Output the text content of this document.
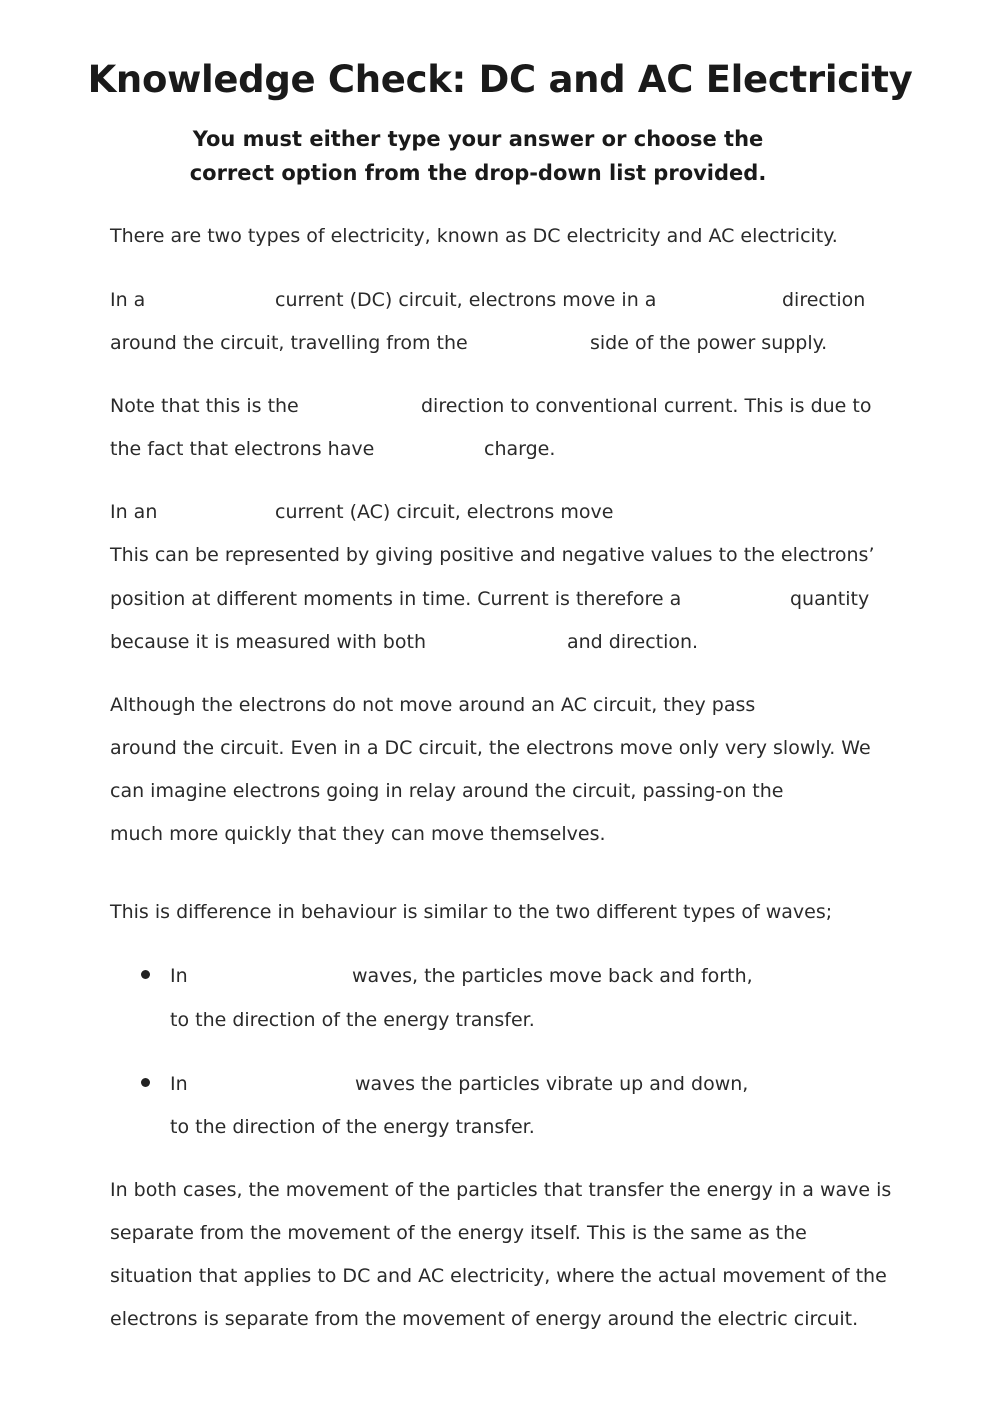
Knowledge Check: DC and AC Electricity
You must either type your answer or choose the
correct option from the drop-down list provided.
There are two types of electricity, known as DC electricity and AC electricity.
In a	current (DC) circuit, electrons move in a	direction
around the circuit, travelling from the	side of the power supply.
Note that this is the	direction to conventional current. This is due to
the fact that electrons have	charge.
In an	current (AC) circuit, electrons move
This can be represented by giving positive and negative values to the electrons’
position at different moments in time. Current is therefore a	quantity
because it is measured with both	and direction.
Although the electrons do not move around an AC circuit, they pass
around the circuit. Even in a DC circuit, the electrons move only very slowly. We
can imagine electrons going in relay around the circuit, passing-on the
much more quickly that they can move themselves.
This is difference in behaviour is similar to the two different types of waves;
In	waves, the particles move back and forth,
to the direction of the energy transfer.
In	waves the particles vibrate up and down,
to the direction of the energy transfer.
In both cases, the movement of the particles that transfer the energy in a wave is
separate from the movement of the energy itself. This is the same as the
situation that applies to DC and AC electricity, where the actual movement of the
electrons is separate from the movement of energy around the electric circuit.
